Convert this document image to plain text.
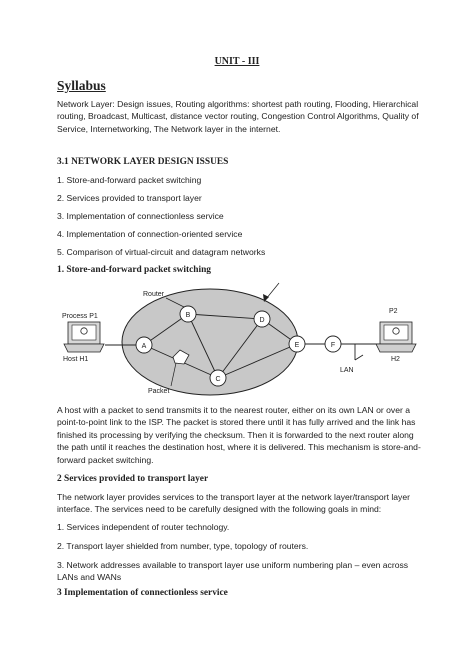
UNIT - III
Syllabus
Network Layer: Design issues, Routing algorithms: shortest path routing, Flooding, Hierarchical routing, Broadcast, Multicast, distance vector routing, Congestion Control Algorithms, Quality of Service, Internetworking, The Network layer in the internet.
3.1 NETWORK LAYER DESIGN ISSUES
1. Store-and-forward packet switching
2. Services provided to transport layer
3. Implementation of connectionless service
4. Implementation of connection-oriented service
5. Comparison of virtual-circuit and datagram networks
1. Store-and-forward packet switching
Router
A
B
C
D
E	F
Packet
Process P1
Host H1
P2
H2
LAN
A host with a packet to send transmits it to the nearest router, either on its own LAN or over a point-to-point link to the ISP. The packet is stored there until it has fully arrived and the link has finished its processing by verifying the checksum. Then it is forwarded to the next router along the path until it reaches the destination host, where it is delivered. This mechanism is store-and-forward packet switching.
2 Services provided to transport layer
The network layer provides services to the transport layer at the network layer/transport layer interface. The services need to be carefully designed with the following goals in mind:
1. Services independent of router technology.
2. Transport layer shielded from number, type, topology of routers.
3. Network addresses available to transport layer use uniform numbering plan – even across LANs and WANs
3 Implementation of connectionless service
